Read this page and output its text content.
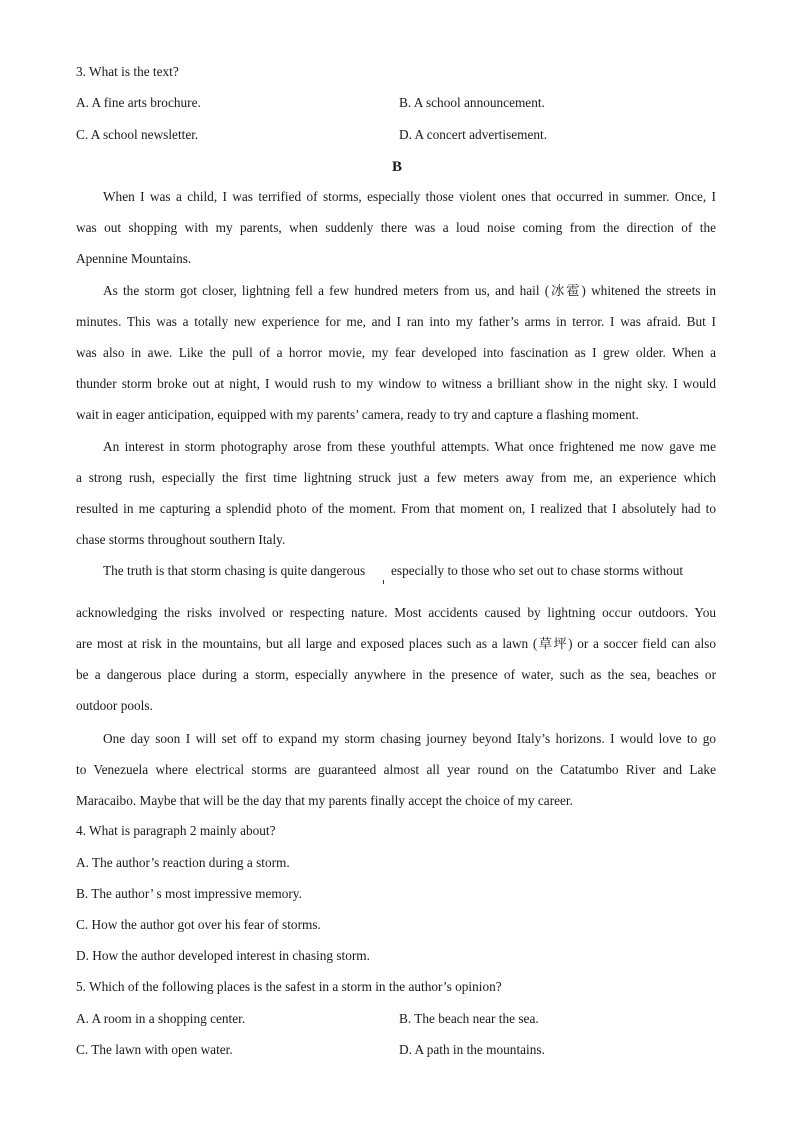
3. What is the text?
A. A fine arts brochure.	B. A school announcement.
C. A school newsletter.	D. A concert advertisement.
B
When I was a child, I was terrified of storms, especially those violent ones that occurred in summer. Once, I
was out shopping with my parents, when suddenly there was a loud noise coming from the direction of the
Apennine Mountains.
As the storm got closer, lightning fell a few hundred meters from us, and hail (冰雹) whitened the streets in
minutes. This was a totally new experience for me, and I ran into my father’s arms in terror. I was afraid. But I
was also in awe. Like the pull of a horror movie, my fear developed into fascination as I grew older. When a
thunder storm broke out at night, I would rush to my window to witness a brilliant show in the night sky. I would
wait in eager anticipation, equipped with my parents’ camera, ready to try and capture a flashing moment.
An interest in storm photography arose from these youthful attempts. What once frightened me now gave me
a strong rush, especially the first time lightning struck just a few meters away from me, an experience which
resulted in me capturing a splendid photo of the moment. From that moment on, I realized that I absolutely had to
chase storms throughout southern Italy.
The truth is that storm chasing is quite dangerous especially to those who set out to chase storms without
acknowledging the risks involved or respecting nature. Most accidents caused by lightning occur outdoors. You
are most at risk in the mountains, but all large and exposed places such as a lawn (草坪) or a soccer field can also
be a dangerous place during a storm, especially anywhere in the presence of water, such as the sea, beaches or
outdoor pools.
One day soon I will set off to expand my storm chasing journey beyond Italy’s horizons. I would love to go
to Venezuela where electrical storms are guaranteed almost all year round on the Catatumbo River and Lake
Maracaibo. Maybe that will be the day that my parents finally accept the choice of my career.
4. What is paragraph 2 mainly about?
A. The author’s reaction during a storm.
B. The author’ s most impressive memory.
C. How the author got over his fear of storms.
D. How the author developed interest in chasing storm.
5. Which of the following places is the safest in a storm in the author’s opinion?
A. A room in a shopping center.	B. The beach near the sea.
C. The lawn with open water.	D. A path in the mountains.
